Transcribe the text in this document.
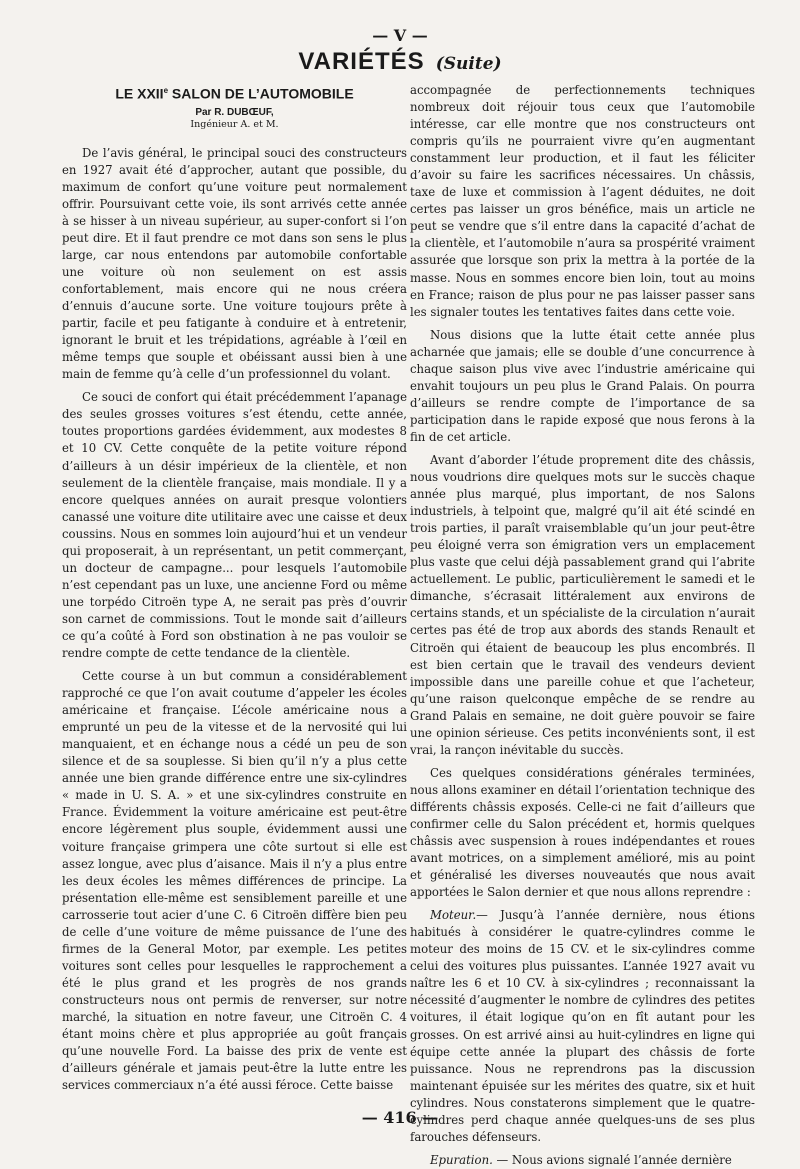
— V —
VARIÉTÉS (Suite)
LE XXIIe SALON DE L’AUTOMOBILE
Par R. DUBŒUF,
Ingénieur A. et M.

De l’avis général, le principal souci des constructeurs en 1927 avait été d’approcher, autant que possible, du maximum de confort qu’une voiture peut normalement offrir. Poursuivant cette voie, ils sont arrivés cette année à se hisser à un niveau supérieur, au super-confort si l’on peut dire. Et il faut prendre ce mot dans son sens le plus large, car nous entendons par automobile confortable une voiture où non seulement on est assis confortablement, mais encore qui ne nous créera d’ennuis d’aucune sorte. Une voiture toujours prête à partir, facile et peu fatigante à conduire et à entretenir, ignorant le bruit et les trépidations, agréable à l’œil en même temps que souple et obéissant aussi bien à une main de femme qu’à celle d’un professionnel du volant.

Ce souci de confort qui était précédemment l’apanage des seules grosses voitures s’est étendu, cette année, toutes proportions gardées évidemment, aux modestes 8 et 10 CV. Cette conquête de la petite voiture répond d’ailleurs à un désir impérieux de la clientèle, et non seulement de la clientèle française, mais mondiale. Il y a encore quelques années on aurait presque volontiers canassé une voiture dite utilitaire avec une caisse et deux coussins. Nous en sommes loin aujourd’hui et un vendeur qui proposerait, à un représentant, un petit commerçant, un docteur de campagne... pour lesquels l’automobile n’est cependant pas un luxe, une ancienne Ford ou même une torpédo Citroën type A, ne serait pas près d’ouvrir son carnet de commissions. Tout le monde sait d’ailleurs ce qu’a coûté à Ford son obstination à ne pas vouloir se rendre compte de cette tendance de la clientèle.

Cette course à un but commun a considérablement rapproché ce que l’on avait coutume d’appeler les écoles américaine et française. L’école américaine nous a emprunté un peu de la vitesse et de la nervosité qui lui manquaient, et en échange nous a cédé un peu de son silence et de sa souplesse. Si bien qu’il n’y a plus cette année une bien grande différence entre une six-cylindres « made in U. S. A. » et une six-cylindres construite en France. Évidemment la voiture américaine est peut-être encore légèrement plus souple, évidemment aussi une voiture française grimpera une côte surtout si elle est assez longue, avec plus d’aisance. Mais il n’y a plus entre les deux écoles les mêmes différences de principe. La présentation elle-même est sensiblement pareille et une carrosserie tout acier d’une C. 6 Citroën diffère bien peu de celle d’une voiture de même puissance de l’une des firmes de la General Motor, par exemple. Les petites voitures sont celles pour lesquelles le rapprochement a été le plus grand et les progrès de nos grands constructeurs nous ont permis de renverser, sur notre marché, la situation en notre faveur, une Citroën C. 4 étant moins chère et plus appropriée au goût français qu’une nouvelle Ford. La baisse des prix de vente est d’ailleurs générale et jamais peut-être la lutte entre les services commerciaux n’a été aussi féroce. Cette baisse

accompagnée de perfectionnements techniques nombreux doit réjouir tous ceux que l’automobile intéresse, car elle montre que nos constructeurs ont compris qu’ils ne pourraient vivre qu’en augmentant constamment leur production, et il faut les féliciter d’avoir su faire les sacrifices nécessaires. Un châssis, taxe de luxe et commission à l’agent déduites, ne doit certes pas laisser un gros bénéfice, mais un article ne peut se vendre que s’il entre dans la capacité d’achat de la clientèle, et l’automobile n’aura sa prospérité vraiment assurée que lorsque son prix la mettra à la portée de la masse. Nous en sommes encore bien loin, tout au moins en France; raison de plus pour ne pas laisser passer sans les signaler toutes les tentatives faites dans cette voie.

Nous disions que la lutte était cette année plus acharnée que jamais; elle se double d’une concurrence à chaque saison plus vive avec l’industrie américaine qui envahit toujours un peu plus le Grand Palais. On pourra d’ailleurs se rendre compte de l’importance de sa participation dans le rapide exposé que nous ferons à la fin de cet article.

Avant d’aborder l’étude proprement dite des châssis, nous voudrions dire quelques mots sur le succès chaque année plus marqué, plus important, de nos Salons industriels, à telpoint que, malgré qu’il ait été scindé en trois parties, il paraît vraisemblable qu’un jour peut-être peu éloigné verra son émigration vers un emplacement plus vaste que celui déjà passablement grand qui l’abrite actuellement. Le public, particulièrement le samedi et le dimanche, s’écrasait littéralement aux environs de certains stands, et un spécialiste de la circulation n’aurait certes pas été de trop aux abords des stands Renault et Citroën qui étaient de beaucoup les plus encombrés. Il est bien certain que le travail des vendeurs devient impossible dans une pareille cohue et que l’acheteur, qu’une raison quelconque empêche de se rendre au Grand Palais en semaine, ne doit guère pouvoir se faire une opinion sérieuse. Ces petits inconvénients sont, il est vrai, la rançon inévitable du succès.

Ces quelques considérations générales terminées, nous allons examiner en détail l’orientation technique des différents châssis exposés. Celle-ci ne fait d’ailleurs que confirmer celle du Salon précédent et, hormis quelques châssis avec suspension à roues indépendantes et roues avant motrices, on a simplement amélioré, mis au point et généralisé les diverses nouveautés que nous avait apportées le Salon dernier et que nous allons reprendre :

Moteur.— Jusqu’à l’année dernière, nous étions habitués à considérer le quatre-cylindres comme le moteur des moins de 15 CV. et le six-cylindres comme celui des voitures plus puissantes. L’année 1927 avait vu naître les 6 et 10 CV. à six-cylindres ; reconnaissant la nécessité d’augmenter le nombre de cylindres des petites voitures, il était logique qu’on en fît autant pour les grosses. On est arrivé ainsi au huit-cylindres en ligne qui équipe cette année la plupart des châssis de forte puissance. Nous ne reprendrons pas la discussion maintenant épuisée sur les mérites des quatre, six et huit cylindres. Nous constaterons simplement que le quatre-cylindres perd chaque année quelques-uns de ses plus farouches défenseurs.

Epuration. — Nous avions signalé l’année dernière

— 416 —
